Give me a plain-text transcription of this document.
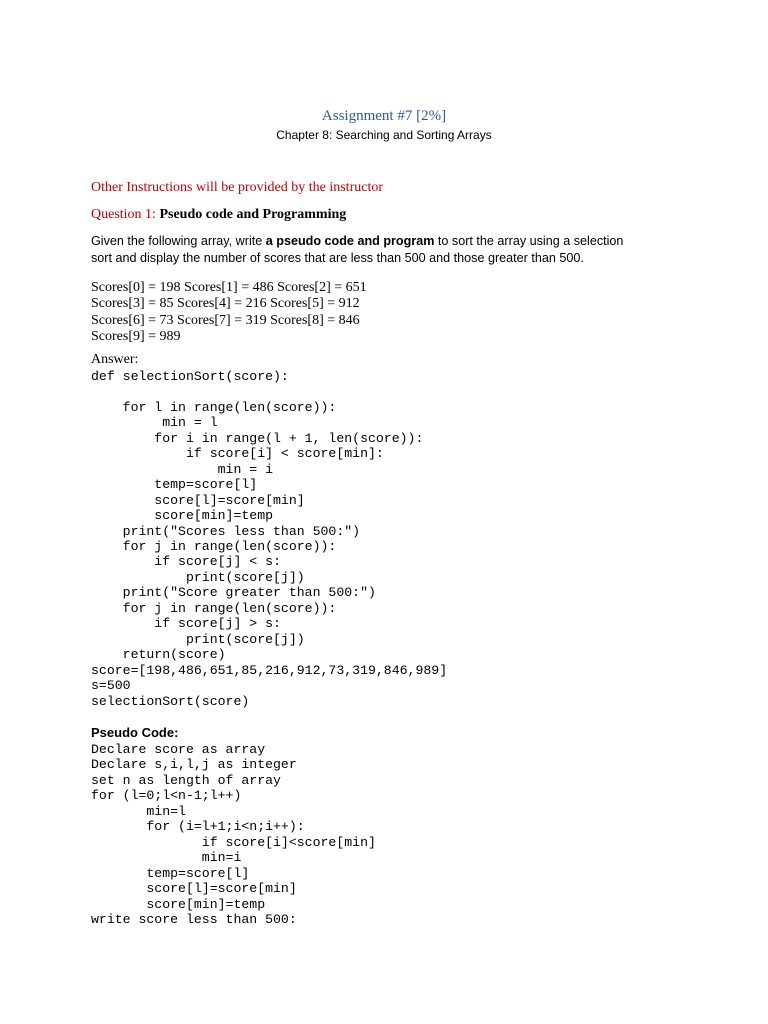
Assignment #7 [2%]
Chapter 8: Searching and Sorting Arrays
Other Instructions will be provided by the instructor
Question 1: Pseudo code and Programming
Given the following array, write a pseudo code and program to sort the array using a selection
sort and display the number of scores that are less than 500 and those greater than 500.
Scores[0] = 198 Scores[1] = 486 Scores[2] = 651
Scores[3] = 85 Scores[4] = 216 Scores[5] = 912
Scores[6] = 73 Scores[7] = 319 Scores[8] = 846
Scores[9] = 989
Answer:
def selectionSort(score):

for l in range(len(score)):
min = l
for i in range(l + 1, len(score)):
if score[i] < score[min]:
min = i
temp=score[l]
score[l]=score[min]
score[min]=temp
print("Scores less than 500:")
for j in range(len(score)):
if score[j] < s:
print(score[j])
print("Score greater than 500:")
for j in range(len(score)):
if score[j] > s:
print(score[j])
return(score)
score=[198,486,651,85,216,912,73,319,846,989]
s=500
selectionSort(score)
Pseudo Code:
Declare score as array
Declare s,i,l,j as integer
set n as length of array
for (l=0;l<n-1;l++)
min=l
for (i=l+1;i<n;i++):
if score[i]<score[min]
min=i
temp=score[l]
score[l]=score[min]
score[min]=temp
write score less than 500:
